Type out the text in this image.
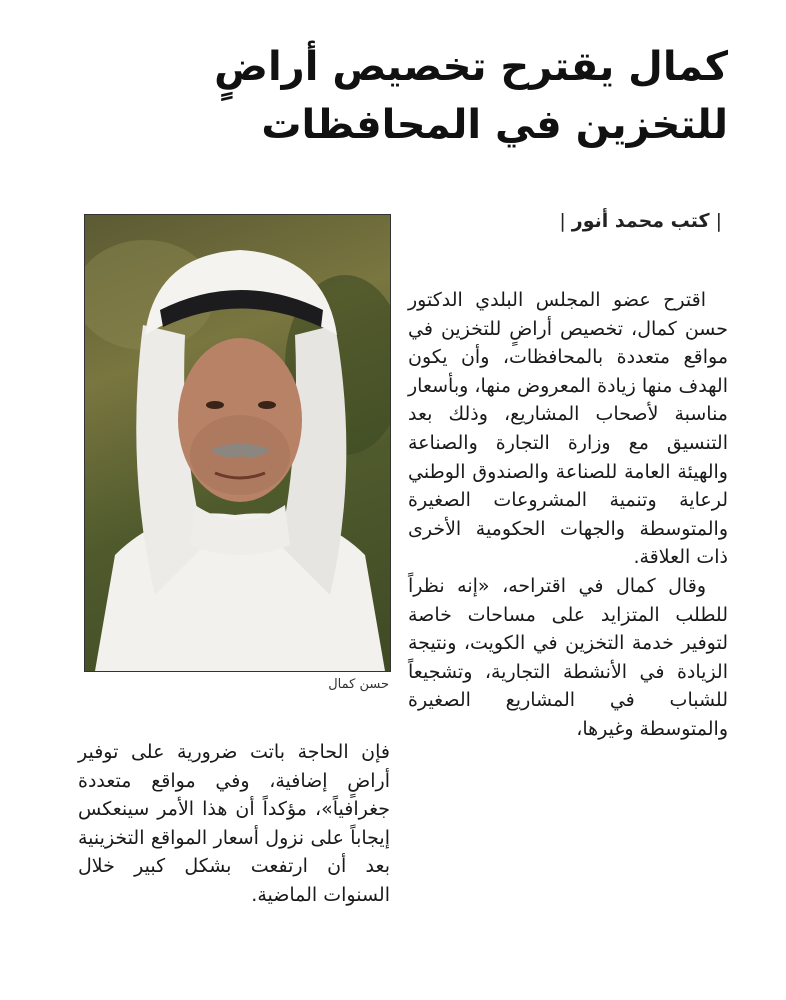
كمال يقترح تخصيص أراضٍ للتخزين في المحافظات
|كتب محمد أنور|
حسن كمال

اقترح عضو المجلس البلدي الدكتور حسن كمال، تخصيص أراضٍ للتخزين في مواقع متعددة بالمحافظات، وأن يكون الهدف منها زيادة المعروض منها، وبأسعار مناسبة لأصحاب المشاريع، وذلك بعد التنسيق مع وزارة التجارة والصناعة والهيئة العامة للصناعة والصندوق الوطني لرعاية وتنمية المشروعات الصغيرة والمتوسطة والجهات الحكومية الأخرى ذات العلاقة.

وقال كمال في اقتراحه، «إنه نظراً للطلب المتزايد على مساحات خاصة لتوفير خدمة التخزين في الكويت، ونتيجة الزيادة في الأنشطة التجارية، وتشجيعاً للشباب في المشاريع الصغيرة والمتوسطة وغيرها،

فإن الحاجة باتت ضرورية على توفير أراضٍ إضافية، وفي مواقع متعددة جغرافياً»، مؤكداً أن هذا الأمر سينعكس إيجاباً على نزول أسعار المواقع التخزينية بعد أن ارتفعت بشكل كبير خلال السنوات الماضية.
